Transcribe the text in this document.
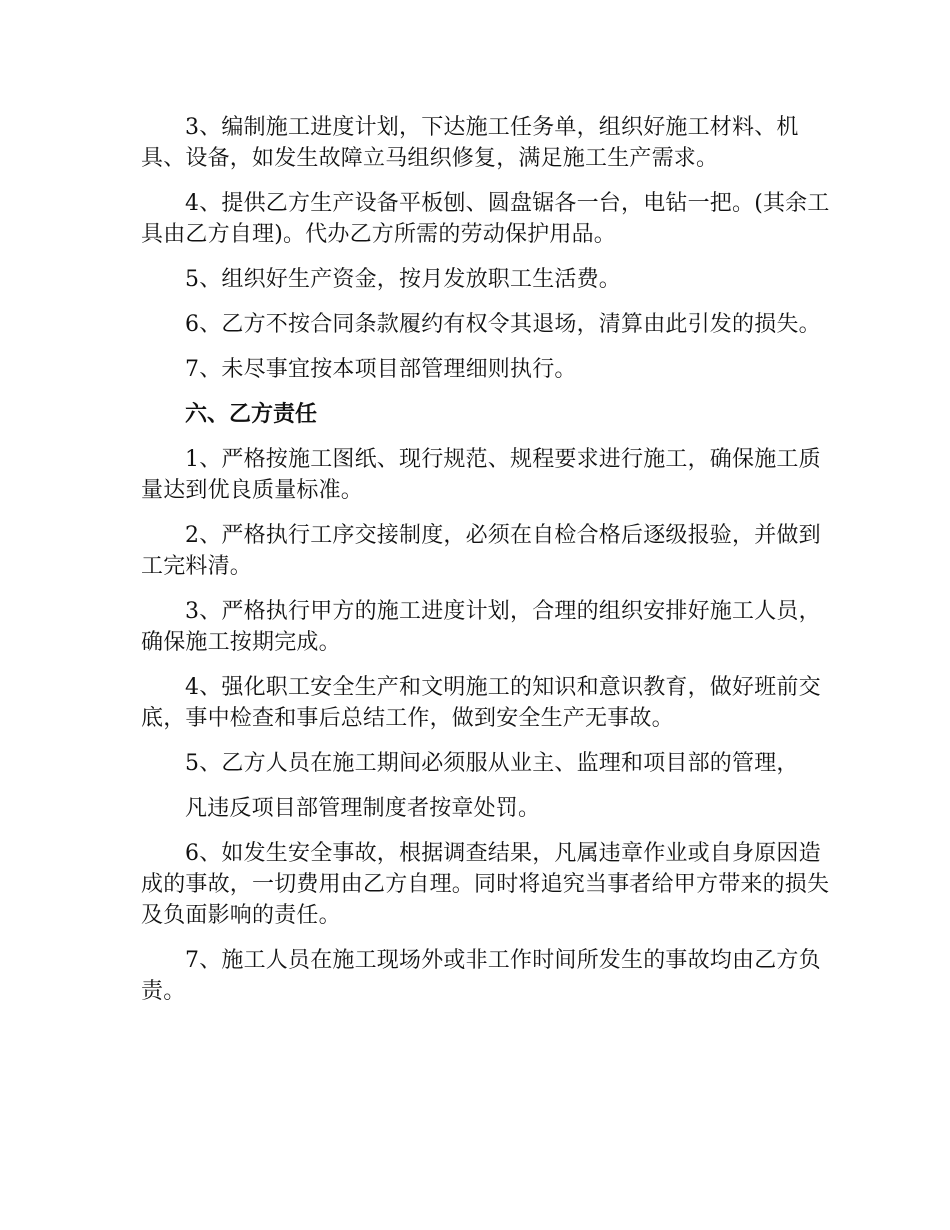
3、编制施工进度计划，下达施工任务单，组织好施工材料、机具、设备，如发生故障立马组织修复，满足施工生产需求。

4、提供乙方生产设备平板刨、圆盘锯各一台，电钻一把。(其余工具由乙方自理)。代办乙方所需的劳动保护用品。

5、组织好生产资金，按月发放职工生活费。

6、乙方不按合同条款履约有权令其退场，清算由此引发的损失。

7、未尽事宜按本项目部管理细则执行。

六、乙方责任

1、严格按施工图纸、现行规范、规程要求进行施工，确保施工质量达到优良质量标准。

2、严格执行工序交接制度，必须在自检合格后逐级报验，并做到工完料清。

3、严格执行甲方的施工进度计划，合理的组织安排好施工人员，确保施工按期完成。

4、强化职工安全生产和文明施工的知识和意识教育，做好班前交底，事中检查和事后总结工作，做到安全生产无事故。

5、乙方人员在施工期间必须服从业主、监理和项目部的管理，

凡违反项目部管理制度者按章处罚。

6、如发生安全事故，根据调查结果，凡属违章作业或自身原因造成的事故，一切费用由乙方自理。同时将追究当事者给甲方带来的损失及负面影响的责任。

7、施工人员在施工现场外或非工作时间所发生的事故均由乙方负责。
